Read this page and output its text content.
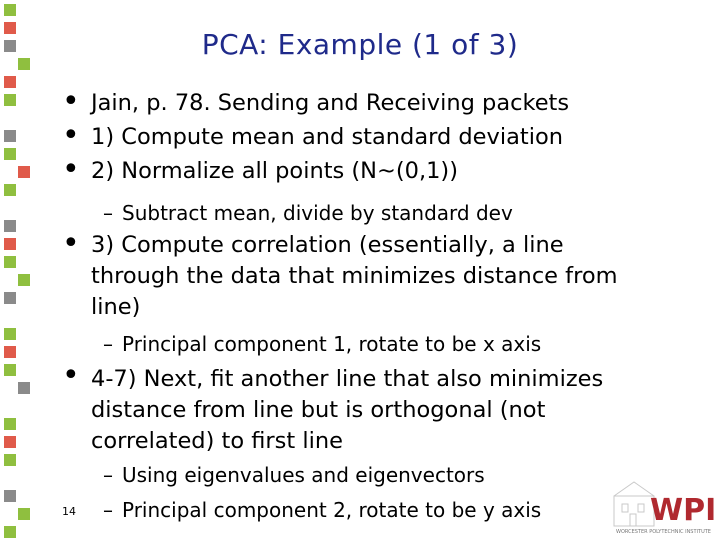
PCA: Example (1 of 3)
• Jain, p. 78. Sending and Receiving packets
• 1) Compute mean and standard deviation
• 2) Normalize all points (N~(0,1))
– Subtract mean, divide by standard dev
• 3) Compute correlation (essentially, a line through the data that minimizes distance from line)
– Principal component 1, rotate to be x axis
• 4-7) Next, fit another line that also minimizes distance from line but is orthogonal (not correlated) to first line
– Using eigenvalues and eigenvectors
– Principal component 2, rotate to be y axis
14	WPI
WORCESTER POLYTECHNIC INSTITUTE
